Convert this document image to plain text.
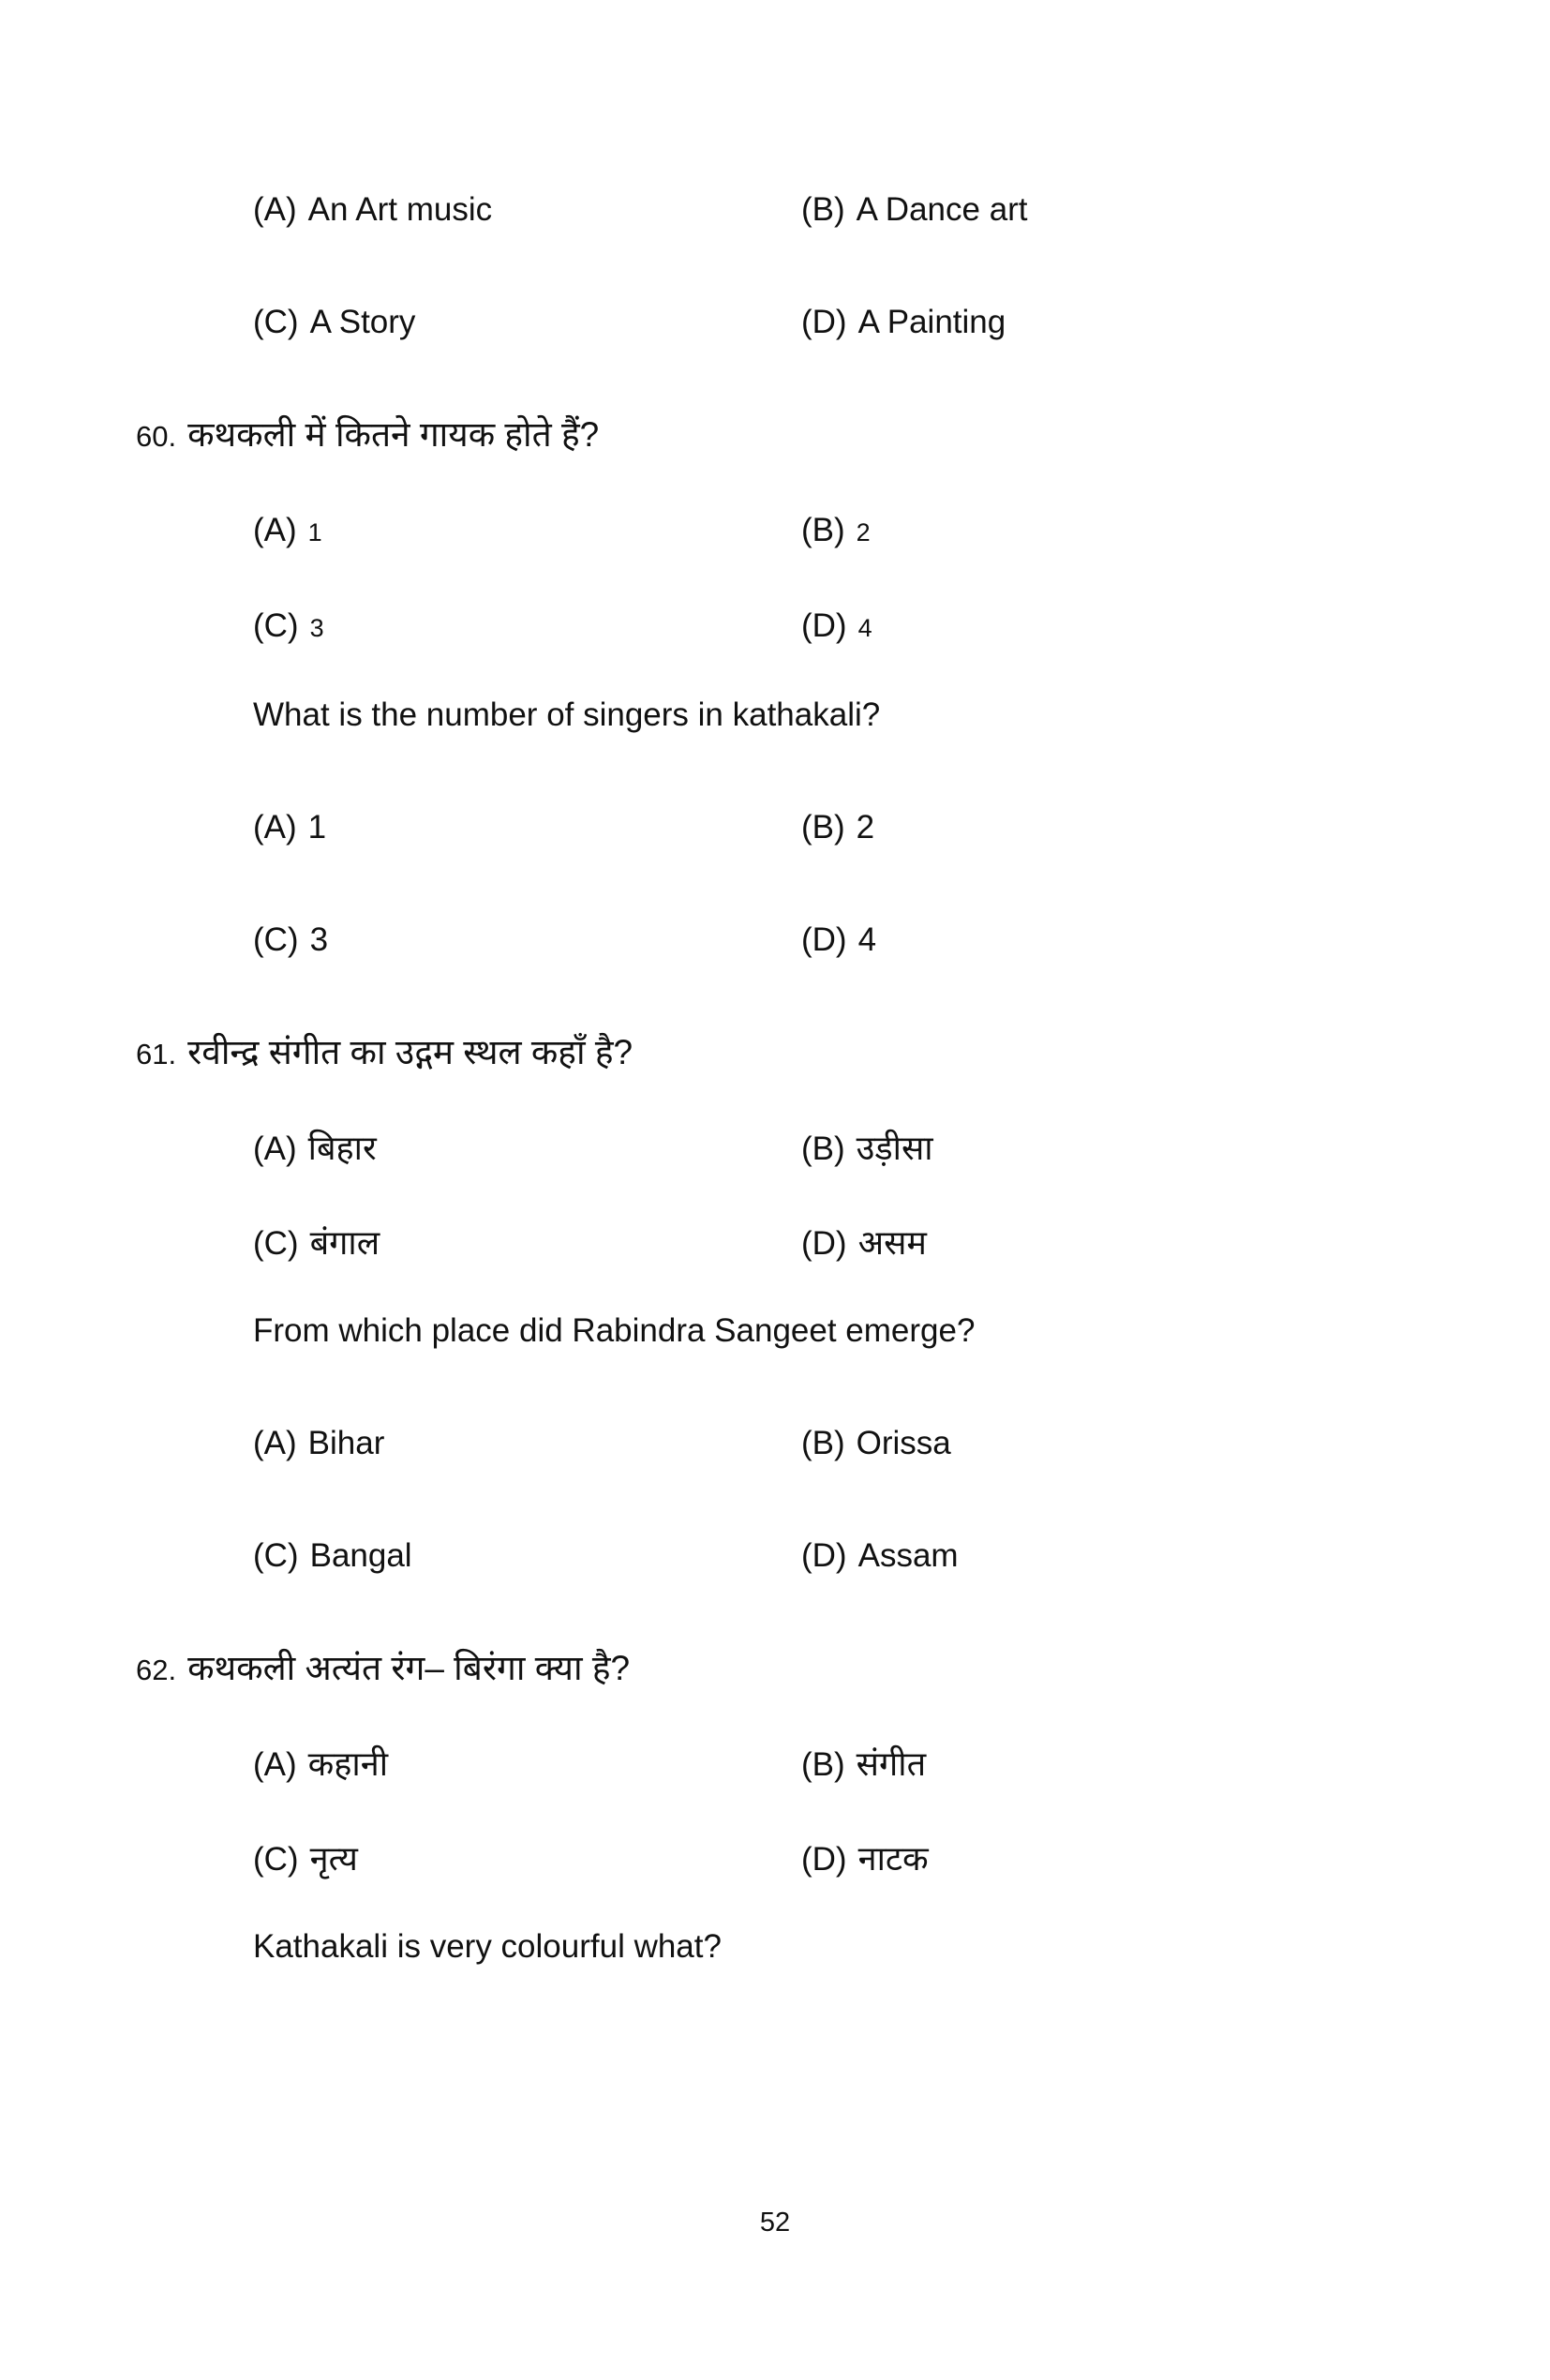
(A) An Art music	(B) A Dance art
(C) A Story	(D) A Painting
60. कथकली में कितने गायक होते हैं?
(A) 1	(B) 2
(C) 3	(D) 4
What is the number of singers in kathakali?
(A) 1	(B) 2
(C) 3	(D) 4
61. रवीन्द्र संगीत का उद्गम स्थल कहाँ है?
(A) बिहार	(B) उड़ीसा
(C) बंगाल	(D) असम
From which place did Rabindra Sangeet emerge?
(A) Bihar	(B) Orissa
(C) Bangal	(D) Assam
62. कथकली अत्यंत रंग– बिरंगा क्या है?
(A) कहानी	(B) संगीत
(C) नृत्य	(D) नाटक
Kathakali is very colourful what?
52
